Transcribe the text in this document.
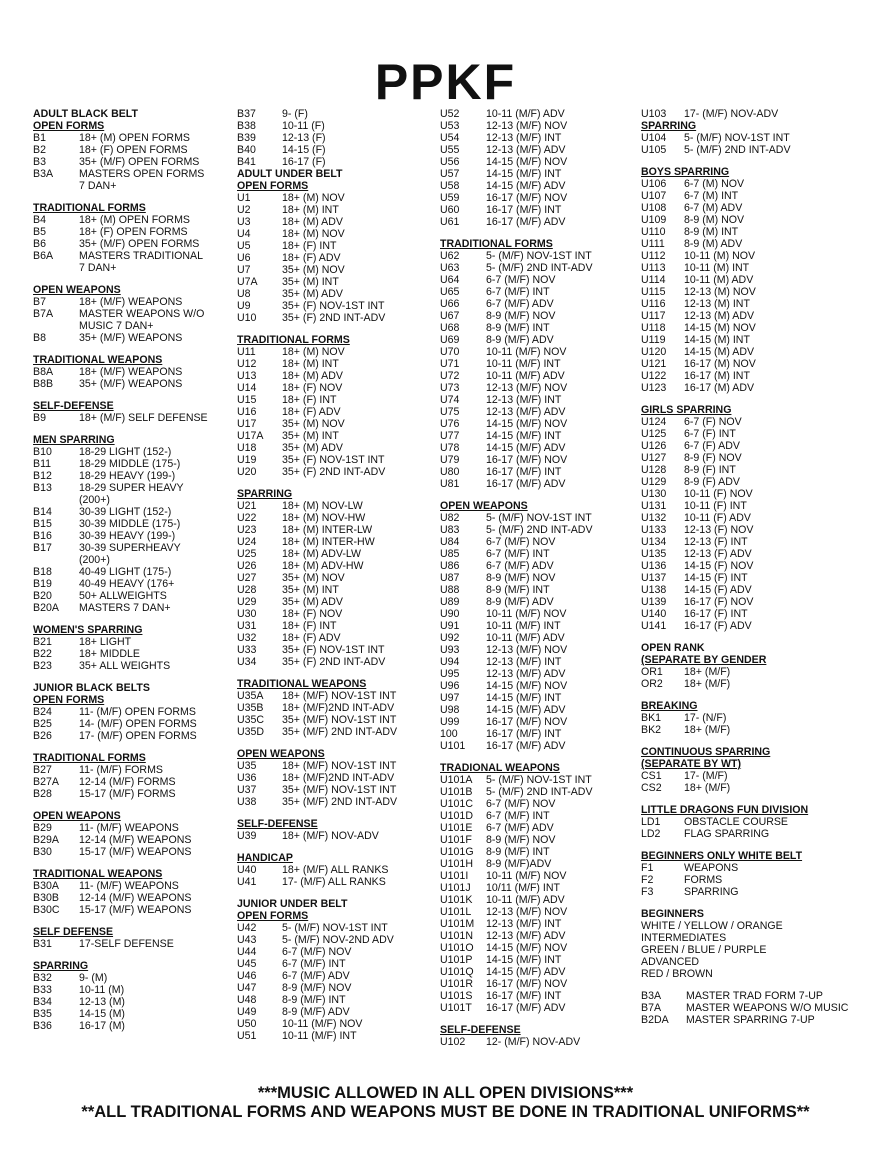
PPKF
ADULT BLACK BELT
OPEN FORMS
B1	18+ (M) OPEN FORMS
B2	18+ (F) OPEN FORMS
B3	35+ (M/F) OPEN FORMS
B3A	MASTERS OPEN FORMS
7 DAN+
TRADITIONAL FORMS
B4	18+ (M) OPEN FORMS
B5	18+ (F) OPEN FORMS
B6	35+ (M/F) OPEN FORMS
B6A	MASTERS TRADITIONAL
7 DAN+
OPEN WEAPONS
B7	18+ (M/F) WEAPONS
B7A	MASTER WEAPONS W/O
MUSIC 7 DAN+
B8	35+ (M/F) WEAPONS
TRADITIONAL WEAPONS
B8A	18+ (M/F) WEAPONS
B8B	35+ (M/F) WEAPONS
SELF-DEFENSE
B9	18+ (M/F) SELF DEFENSE
MEN SPARRING
B10	18-29 LIGHT (152-)
B11	18-29 MIDDLE (175-)
B12	18-29 HEAVY (199-)
B13	18-29 SUPER HEAVY
(200+)
B14	30-39 LIGHT (152-)
B15	30-39 MIDDLE (175-)
B16	30-39 HEAVY (199-)
B17	30-39 SUPERHEAVY
(200+)
B18	40-49 LIGHT (175-)
B19	40-49 HEAVY (176+
B20	50+ ALLWEIGHTS
B20A	MASTERS 7 DAN+
WOMEN'S SPARRING
B21	18+ LIGHT
B22	18+ MIDDLE
B23	35+ ALL WEIGHTS
JUNIOR BLACK BELTS
OPEN FORMS
B24	11- (M/F) OPEN FORMS
B25	14- (M/F) OPEN FORMS
B26	17- (M/F) OPEN FORMS
TRADITIONAL FORMS
B27	11- (M/F) FORMS
B27A	12-14 (M/F) FORMS
B28	15-17 (M/F) FORMS
OPEN WEAPONS
B29	11- (M/F) WEAPONS
B29A	12-14 (M/F) WEAPONS
B30	15-17 (M/F) WEAPONS
TRADITIONAL WEAPONS
B30A	11- (M/F) WEAPONS
B30B	12-14 (M/F) WEAPONS
B30C	15-17 (M/F) WEAPONS
SELF DEFENSE
B31	17-SELF DEFENSE
SPARRING
B32	9- (M)
B33	10-11 (M)
B34	12-13 (M)
B35	14-15 (M)
B36	16-17 (M)
B37	9- (F)
B38	10-11 (F)
B39	12-13 (F)
B40	14-15 (F)
B41	16-17 (F)
ADULT UNDER BELT
OPEN FORMS
U1	18+ (M) NOV
U2	18+ (M) INT
U3	18+ (M) ADV
U4	18+ (M) NOV
U5	18+ (F) INT
U6	18+ (F) ADV
U7	35+ (M) NOV
U7A	35+ (M) INT
U8	35+ (M) ADV
U9	35+ (F) NOV-1ST INT
U10	35+ (F) 2ND INT-ADV
TRADITIONAL FORMS
U11	18+ (M) NOV
U12	18+ (M) INT
U13	18+ (M) ADV
U14	18+ (F) NOV
U15	18+ (F) INT
U16	18+ (F) ADV
U17	35+ (M) NOV
U17A	35+ (M) INT
U18	35+ (M) ADV
U19	35+ (F) NOV-1ST INT
U20	35+ (F) 2ND INT-ADV
SPARRING
U21	18+ (M) NOV-LW
U22	18+ (M) NOV-HW
U23	18+ (M) INTER-LW
U24	18+ (M) INTER-HW
U25	18+ (M) ADV-LW
U26	18+ (M) ADV-HW
U27	35+ (M) NOV
U28	35+ (M) INT
U29	35+ (M) ADV
U30	18+ (F) NOV
U31	18+ (F) INT
U32	18+ (F) ADV
U33	35+ (F) NOV-1ST INT
U34	35+ (F) 2ND INT-ADV
TRADITIONAL WEAPONS
U35A	18+ (M/F) NOV-1ST INT
U35B	18+ (M/F)2ND INT-ADV
U35C	35+ (M/F) NOV-1ST INT
U35D	35+ (M/F) 2ND INT-ADV
OPEN WEAPONS
U35	18+ (M/F) NOV-1ST INT
U36	18+ (M/F)2ND INT-ADV
U37	35+ (M/F) NOV-1ST INT
U38	35+ (M/F) 2ND INT-ADV
SELF-DEFENSE
U39	18+ (M/F) NOV-ADV
HANDICAP
U40	18+ (M/F) ALL RANKS
U41	17- (M/F) ALL RANKS
JUNIOR UNDER BELT
OPEN FORMS
U42	5- (M/F) NOV-1ST INT
U43	5- (M/F) NOV-2ND ADV
U44	6-7 (M/F) NOV
U45	6-7 (M/F) INT
U46	6-7 (M/F) ADV
U47	8-9 (M/F) NOV
U48	8-9 (M/F) INT
U49	8-9 (M/F) ADV
U50	10-11 (M/F) NOV
U51	10-11 (M/F) INT
U52	10-11 (M/F) ADV
U53	12-13 (M/F) NOV
U54	12-13 (M/F) INT
U55	12-13 (M/F) ADV
U56	14-15 (M/F) NOV
U57	14-15 (M/F) INT
U58	14-15 (M/F) ADV
U59	16-17 (M/F) NOV
U60	16-17 (M/F) INT
U61	16-17 (M/F) ADV
TRADITIONAL FORMS
U62	5- (M/F) NOV-1ST INT
U63	5- (M/F) 2ND INT-ADV
U64	6-7 (M/F) NOV
U65	6-7 (M/F) INT
U66	6-7 (M/F) ADV
U67	8-9 (M/F) NOV
U68	8-9 (M/F) INT
U69	8-9 (M/F) ADV
U70	10-11 (M/F) NOV
U71	10-11 (M/F) INT
U72	10-11 (M/F) ADV
U73	12-13 (M/F) NOV
U74	12-13 (M/F) INT
U75	12-13 (M/F) ADV
U76	14-15 (M/F) NOV
U77	14-15 (M/F) INT
U78	14-15 (M/F) ADV
U79	16-17 (M/F) NOV
U80	16-17 (M/F) INT
U81	16-17 (M/F) ADV
OPEN WEAPONS
U82	5- (M/F) NOV-1ST INT
U83	5- (M/F) 2ND INT-ADV
U84	6-7 (M/F) NOV
U85	6-7 (M/F) INT
U86	6-7 (M/F) ADV
U87	8-9 (M/F) NOV
U88	8-9 (M/F) INT
U89	8-9 (M/F) ADV
U90	10-11 (M/F) NOV
U91	10-11 (M/F) INT
U92	10-11 (M/F) ADV
U93	12-13 (M/F) NOV
U94	12-13 (M/F) INT
U95	12-13 (M/F) ADV
U96	14-15 (M/F) NOV
U97	14-15 (M/F) INT
U98	14-15 (M/F) ADV
U99	16-17 (M/F) NOV
100	16-17 (M/F) INT
U101	16-17 (M/F) ADV
TRADIONAL WEAPONS
U101A	5- (M/F) NOV-1ST INT
U101B	5- (M/F) 2ND INT-ADV
U101C	6-7 (M/F) NOV
U101D	6-7 (M/F) INT
U101E	6-7 (M/F) ADV
U101F	8-9 (M/F) NOV
U101G	8-9 (M/F) INT
U101H	8-9 (M/F)ADV
U101I	10-11 (M/F) NOV
U101J	10/11 (M/F) INT
U101K	10-11 (M/F) ADV
U101L	12-13 (M/F) NOV
U101M	12-13 (M/F) INT
U101N	12-13 (M/F) ADV
U101O	14-15 (M/F) NOV
U101P	14-15 (M/F) INT
U101Q	14-15 (M/F) ADV
U101R	16-17 (M/F) NOV
U101S	16-17 (M/F) INT
U101T	16-17 (M/F) ADV
SELF-DEFENSE
U102	12- (M/F) NOV-ADV
U103	17- (M/F) NOV-ADV
SPARRING
U104	5- (M/F) NOV-1ST INT
U105	5- (M/F) 2ND INT-ADV
BOYS SPARRING
U106	6-7 (M) NOV
U107	6-7 (M) INT
U108	6-7 (M) ADV
U109	8-9 (M) NOV
U110	8-9 (M) INT
U111	8-9 (M) ADV
U112	10-11 (M) NOV
U113	10-11 (M) INT
U114	10-11 (M) ADV
U115	12-13 (M) NOV
U116	12-13 (M) INT
U117	12-13 (M) ADV
U118	14-15 (M) NOV
U119	14-15 (M) INT
U120	14-15 (M) ADV
U121	16-17 (M) NOV
U122	16-17 (M) INT
U123	16-17 (M) ADV
GIRLS SPARRING
U124	6-7 (F) NOV
U125	6-7 (F) INT
U126	6-7 (F) ADV
U127	8-9 (F) NOV
U128	8-9 (F) INT
U129	8-9 (F) ADV
U130	10-11 (F) NOV
U131	10-11 (F) INT
U132	10-11 (F) ADV
U133	12-13 (F) NOV
U134	12-13 (F) INT
U135	12-13 (F) ADV
U136	14-15 (F) NOV
U137	14-15 (F) INT
U138	14-15 (F) ADV
U139	16-17 (F) NOV
U140	16-17 (F) INT
U141	16-17 (F) ADV
OPEN RANK
(SEPARATE BY GENDER
OR1	18+ (M/F)
OR2	18+ (M/F)
BREAKING
BK1	17- (N/F)
BK2	18+ (M/F)
CONTINUOUS SPARRING
(SEPARATE BY WT)
CS1	17- (M/F)
CS2	18+ (M/F)
LITTLE DRAGONS FUN DIVISION
LD1	OBSTACLE COURSE
LD2	FLAG SPARRING
BEGINNERS ONLY WHITE BELT
F1	WEAPONS
F2	FORMS
F3	SPARRING
BEGINNERS
WHITE / YELLOW / ORANGE
INTERMEDIATES
GREEN / BLUE / PURPLE
ADVANCED
RED / BROWN
B3A	MASTER TRAD FORM 7-UP
B7A	MASTER WEAPONS W/O MUSIC
B2DA	MASTER SPARRING 7-UP
***MUSIC ALLOWED IN ALL OPEN DIVISIONS***
**ALL TRADITIONAL FORMS AND WEAPONS MUST BE DONE IN TRADITIONAL UNIFORMS**
